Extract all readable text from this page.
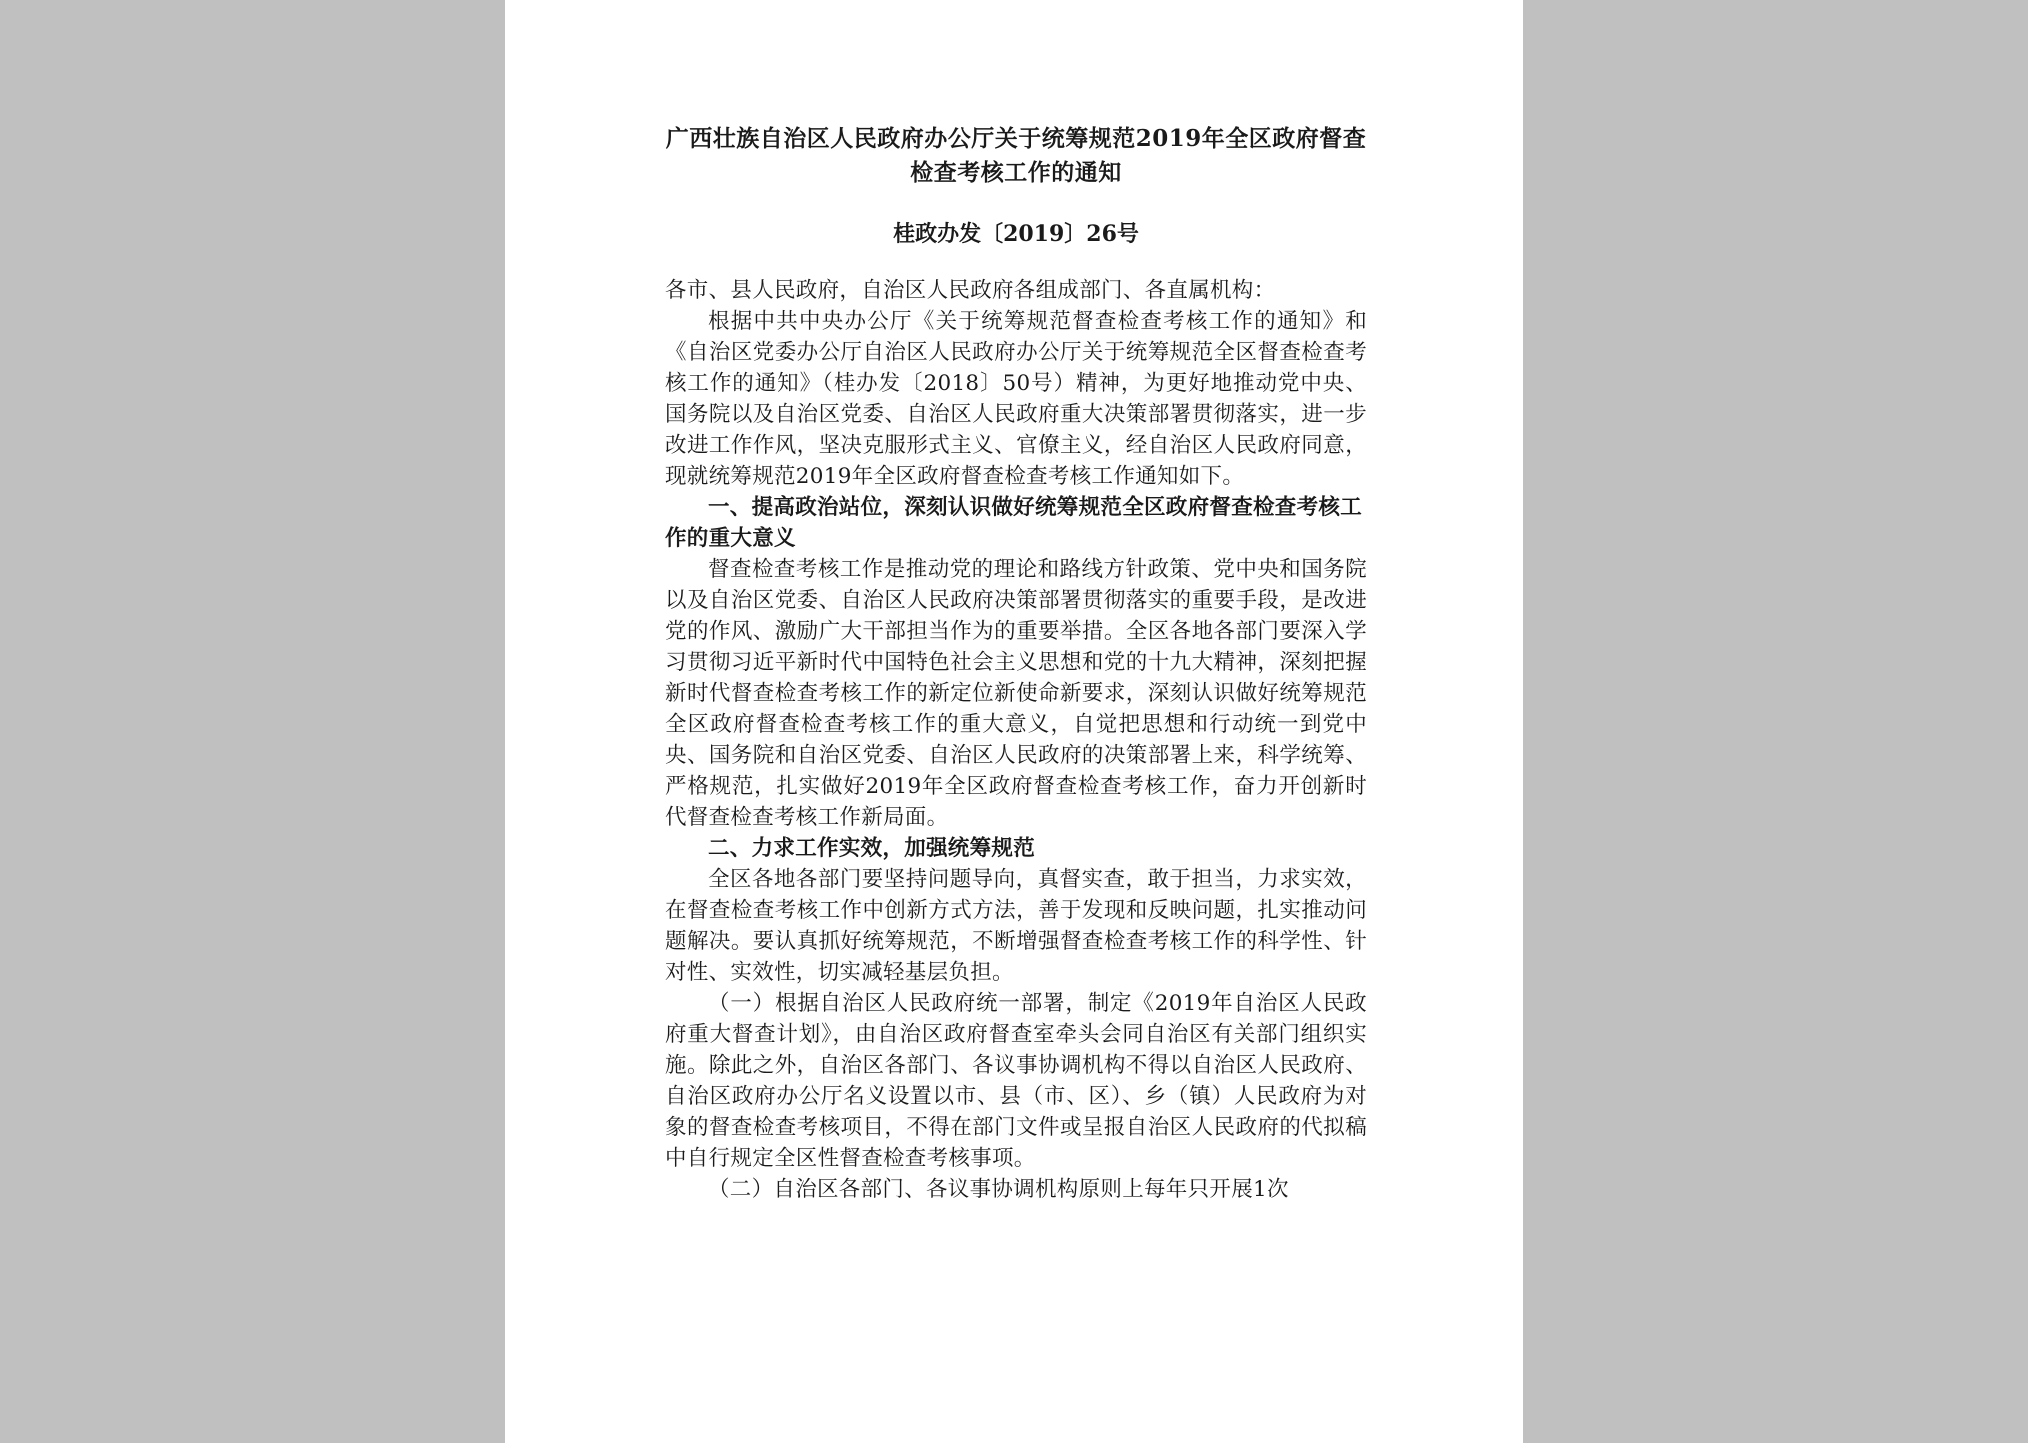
广西壮族自治区人民政府办公厅关于统筹规范2019年全区政府督查检查考核工作的通知
桂政办发〔2019〕26号

各市、县人民政府，自治区人民政府各组成部门、各直属机构：

根据中共中央办公厅《关于统筹规范督查检查考核工作的通知》和《自治区党委办公厅自治区人民政府办公厅关于统筹规范全区督查检查考核工作的通知》（桂办发〔2018〕50号）精神，为更好地推动党中央、国务院以及自治区党委、自治区人民政府重大决策部署贯彻落实，进一步改进工作作风，坚决克服形式主义、官僚主义，经自治区人民政府同意，现就统筹规范2019年全区政府督查检查考核工作通知如下。

一、提高政治站位，深刻认识做好统筹规范全区政府督查检查考核工作的重大意义

督查检查考核工作是推动党的理论和路线方针政策、党中央和国务院以及自治区党委、自治区人民政府决策部署贯彻落实的重要手段，是改进党的作风、激励广大干部担当作为的重要举措。全区各地各部门要深入学习贯彻习近平新时代中国特色社会主义思想和党的十九大精神，深刻把握新时代督查检查考核工作的新定位新使命新要求，深刻认识做好统筹规范全区政府督查检查考核工作的重大意义，自觉把思想和行动统一到党中央、国务院和自治区党委、自治区人民政府的决策部署上来，科学统筹、严格规范，扎实做好2019年全区政府督查检查考核工作，奋力开创新时代督查检查考核工作新局面。

二、力求工作实效，加强统筹规范

全区各地各部门要坚持问题导向，真督实查，敢于担当，力求实效，在督查检查考核工作中创新方式方法，善于发现和反映问题，扎实推动问题解决。要认真抓好统筹规范，不断增强督查检查考核工作的科学性、针对性、实效性，切实减轻基层负担。

（一）根据自治区人民政府统一部署，制定《2019年自治区人民政府重大督查计划》，由自治区政府督查室牵头会同自治区有关部门组织实施。除此之外，自治区各部门、各议事协调机构不得以自治区人民政府、自治区政府办公厅名义设置以市、县（市、区）、乡（镇）人民政府为对象的督查检查考核项目，不得在部门文件或呈报自治区人民政府的代拟稿中自行规定全区性督查检查考核事项。

（二）自治区各部门、各议事协调机构原则上每年只开展1次
